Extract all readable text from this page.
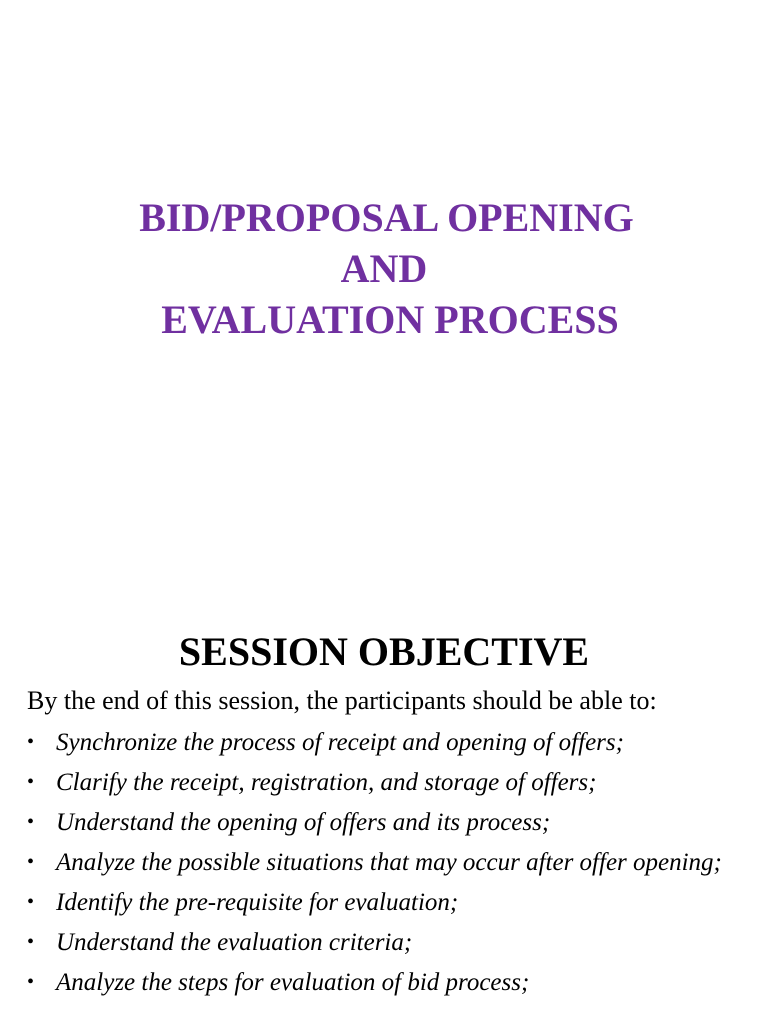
BID/PROPOSAL OPENING
AND
EVALUATION PROCESS
SESSION OBJECTIVE
By the end of this session, the participants should be able to:
• Synchronize the process of receipt and opening of offers;
• Clarify the receipt, registration, and storage of offers;
• Understand the opening of offers and its process;
• Analyze the possible situations that may occur after offer opening;
• Identify the pre-requisite for evaluation;
• Understand the evaluation criteria;
• Analyze the steps for evaluation of bid process;
